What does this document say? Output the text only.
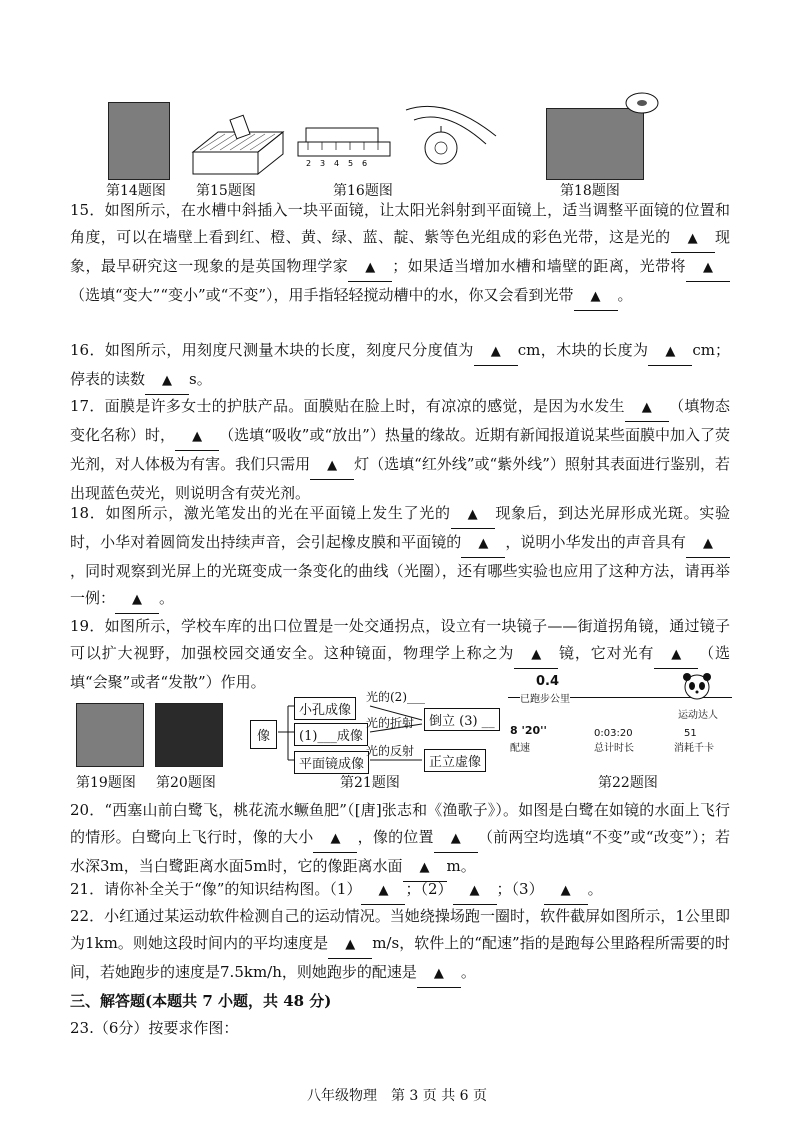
2 3 4 5 6
第14题图 第15题图	第16题图	第18题图
15．如图所示，在水槽中斜插入一块平面镜，让太阳光斜射到平面镜上，适当调整平面镜的位置和角度，可以在墙壁上看到红、橙、黄、绿、蓝、靛、紫等色光组成的彩色光带，这是光的 ▲ 现象，最早研究这一现象的是英国物理学家 ▲ ；如果适当增加水槽和墙壁的距离，光带将 ▲（选填“变大”“变小”或“不变”），用手指轻轻搅动槽中的水，你又会看到光带 ▲ 。
16．如图所示，用刻度尺测量木块的长度，刻度尺分度值为 ▲ cm，木块的长度为 ▲ cm；停表的读数 ▲ s。
17．面膜是许多女士的护肤产品。面膜贴在脸上时，有凉凉的感觉，是因为水发生 ▲ （填物态变化名称）时， ▲ （选填“吸收”或“放出”）热量的缘故。近期有新闻报道说某些面膜中加入了荧光剂，对人体极为有害。我们只需用 ▲ 灯（选填“红外线”或“紫外线”）照射其表面进行鉴别，若出现蓝色荧光，则说明含有荧光剂。
18．如图所示，激光笔发出的光在平面镜上发生了光的 ▲ 现象后，到达光屏形成光斑。实验时，小华对着圆筒发出持续声音，会引起橡皮膜和平面镜的 ▲ ，说明小华发出的声音具有 ▲，同时观察到光屏上的光斑变成一条变化的曲线（光圈），还有哪些实验也应用了这种方法，请再举一例： ▲ 。
19．如图所示，学校车库的出口位置是一处交通拐点，设立有一块镜子——街道拐角镜，通过镜子可以扩大视野，加强校园交通安全。这种镜面，物理学上称之为 ▲ 镜，它对光有 ▲ （选填“会聚”或者“发散”）作用。
像
小孔成像
(1)___成像
平面镜成像
光的(2)___
光的折射
光的反射
倒立 (3) __
正立虚像
0.4
已跑步公里
运动达人
8 '20''
配速
0:03:20
总计时长
51
消耗千卡
第19题图 第20题图	第21题图	第22题图
20．“西塞山前白鹭飞，桃花流水鳜鱼肥”（[唐]张志和《渔歌子》）。如图是白鹭在如镜的水面上飞行的情形。白鹭向上飞行时，像的大小 ▲ ，像的位置 ▲ （前两空均选填“不变”或“改变”）；若水深3m，当白鹭距离水面5m时，它的像距离水面 ▲ m。
21．请你补全关于“像”的知识结构图。（1） ▲ ；（2） ▲ ；（3） ▲ 。
22．小红通过某运动软件检测自己的运动情况。当她绕操场跑一圈时，软件截屏如图所示，1公里即为1km。则她这段时间内的平均速度是 ▲ m/s，软件上的“配速”指的是跑每公里路程所需要的时间，若她跑步的速度是7.5km/h，则她跑步的配速是 ▲ 。
三、解答题(本题共 7 小题，共 48 分)
23.（6分）按要求作图：
八年级物理　第 3 页 共 6 页
